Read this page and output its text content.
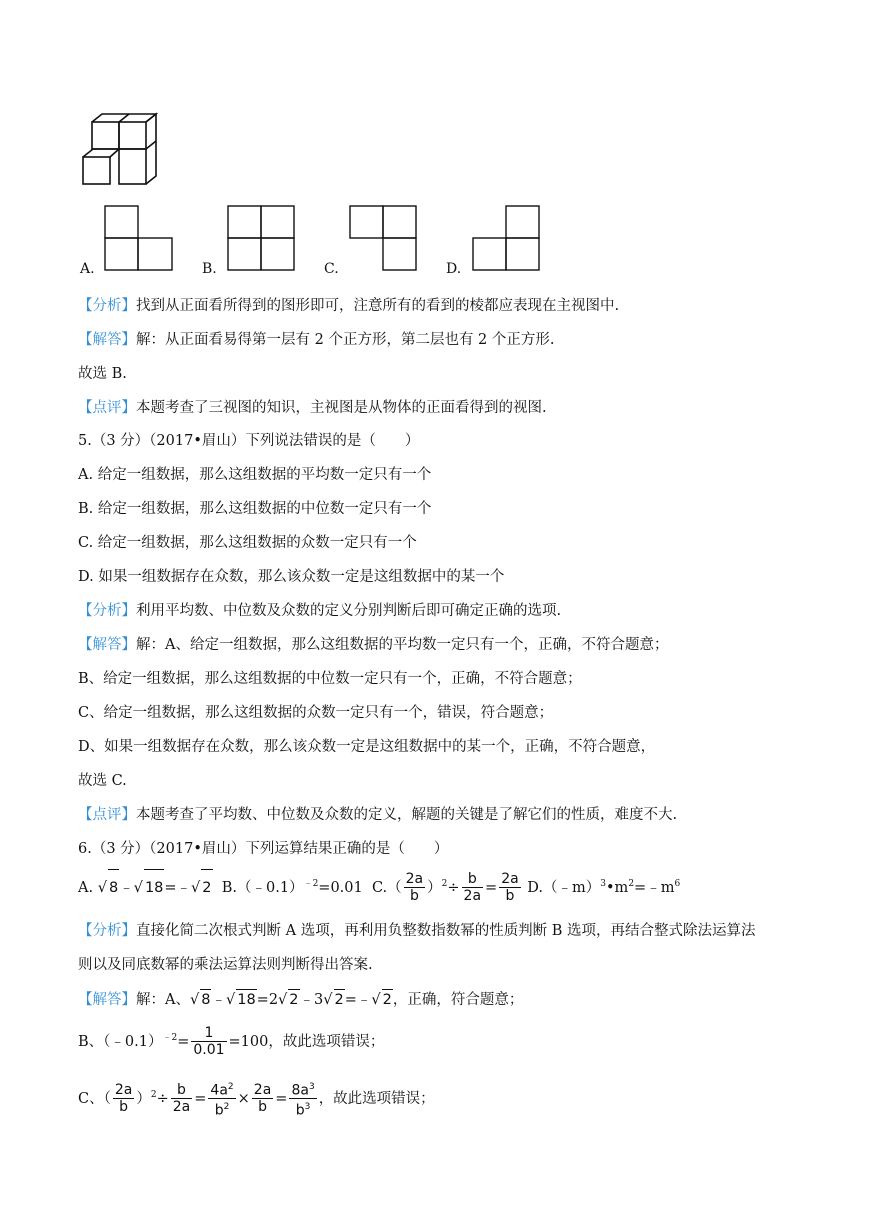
A.	B.	C.	D.
【分析】找到从正面看所得到的图形即可，注意所有的看到的棱都应表现在主视图中.
【解答】解：从正面看易得第一层有 2 个正方形，第二层也有 2 个正方形.
故选 B.
【点评】本题考查了三视图的知识，主视图是从物体的正面看得到的视图.
5.（3 分）（2017•眉山）下列说法错误的是（　　）
A. 给定一组数据，那么这组数据的平均数一定只有一个
B. 给定一组数据，那么这组数据的中位数一定只有一个
C. 给定一组数据，那么这组数据的众数一定只有一个
D. 如果一组数据存在众数，那么该众数一定是这组数据中的某一个
【分析】利用平均数、中位数及众数的定义分别判断后即可确定正确的选项.
【解答】解：A、给定一组数据，那么这组数据的平均数一定只有一个，正确，不符合题意；
B、给定一组数据，那么这组数据的中位数一定只有一个，正确，不符合题意；
C、给定一组数据，那么这组数据的众数一定只有一个，错误，符合题意；
D、如果一组数据存在众数，那么该众数一定是这组数据中的某一个，正确，不符合题意，
故选 C.
【点评】本题考查了平均数、中位数及众数的定义，解题的关键是了解它们的性质，难度不大.
6.（3 分）（2017•眉山）下列运算结果正确的是（　　）
A. √ 8﹣√ 18=﹣√ 2 B.（﹣0.1）$^{﹣2}$=0.01 $C.( \frac{2a}{b} )^2\div \frac{b}{2a} = \frac{2a}{b}$ $D.(﹣m)^3•m^2=﹣m^6$
【分析】直接化简二次根式判断 A 选项，再利用负整数指数幂的性质判断 B 选项，再结合整式除法运算法
则以及同底数幂的乘法运算法则判断得出答案.
【解答】解：A、√ 8﹣√ 18=2√ 2﹣3√ 2=﹣√ 2，正确，符合题意；
B、（﹣0.1）$^{﹣2}$= $\frac{1}{0.01} =100$，故此选项错误；
C、（ $\frac{2a}{b} )^2\div \frac{b}{2a} = \frac{4a^2}{b^2} \times \frac{2a}{b} = \frac{8a^3}{b^3}$ ，故此选项错误；
